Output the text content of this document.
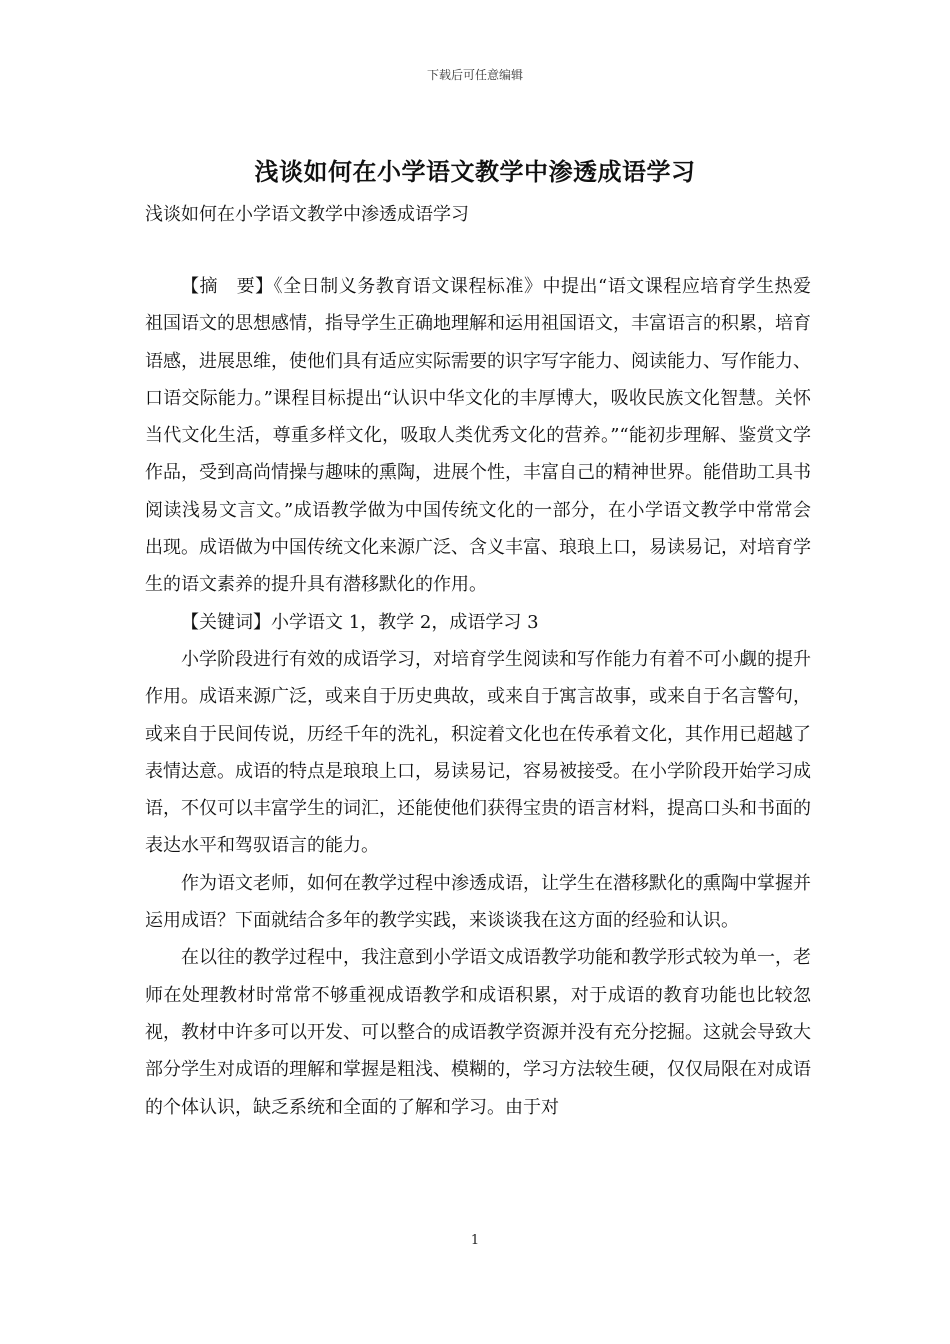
下载后可任意编辑
浅谈如何在小学语文教学中渗透成语学习
浅谈如何在小学语文教学中渗透成语学习

【摘　要】《全日制义务教育语文课程标准》中提出“语文课程应培育学生热爱祖国语文的思想感情，指导学生正确地理解和运用祖国语文，丰富语言的积累，培育语感，进展思维，使他们具有适应实际需要的识字写字能力、阅读能力、写作能力、口语交际能力。”课程目标提出“认识中华文化的丰厚博大，吸收民族文化智慧。关怀当代文化生活，尊重多样文化，吸取人类优秀文化的营养。”“能初步理解、鉴赏文学作品，受到高尚情操与趣味的熏陶，进展个性，丰富自己的精神世界。能借助工具书阅读浅易文言文。”成语教学做为中国传统文化的一部分，在小学语文教学中常常会出现。成语做为中国传统文化来源广泛、含义丰富、琅琅上口，易读易记，对培育学生的语文素养的提升具有潜移默化的作用。

【关键词】小学语文 1，教学 2，成语学习 3

小学阶段进行有效的成语学习，对培育学生阅读和写作能力有着不可小觑的提升作用。成语来源广泛，或来自于历史典故，或来自于寓言故事，或来自于名言警句，或来自于民间传说，历经千年的洗礼，积淀着文化也在传承着文化，其作用已超越了表情达意。成语的特点是琅琅上口，易读易记，容易被接受。在小学阶段开始学习成语，不仅可以丰富学生的词汇，还能使他们获得宝贵的语言材料，提高口头和书面的表达水平和驾驭语言的能力。

作为语文老师，如何在教学过程中渗透成语，让学生在潜移默化的熏陶中掌握并运用成语？下面就结合多年的教学实践，来谈谈我在这方面的经验和认识。

在以往的教学过程中，我注意到小学语文成语教学功能和教学形式较为单一，老师在处理教材时常常不够重视成语教学和成语积累，对于成语的教育功能也比较忽视，教材中许多可以开发、可以整合的成语教学资源并没有充分挖掘。这就会导致大部分学生对成语的理解和掌握是粗浅、模糊的，学习方法较生硬，仅仅局限在对成语的个体认识，缺乏系统和全面的了解和学习。由于对

1
